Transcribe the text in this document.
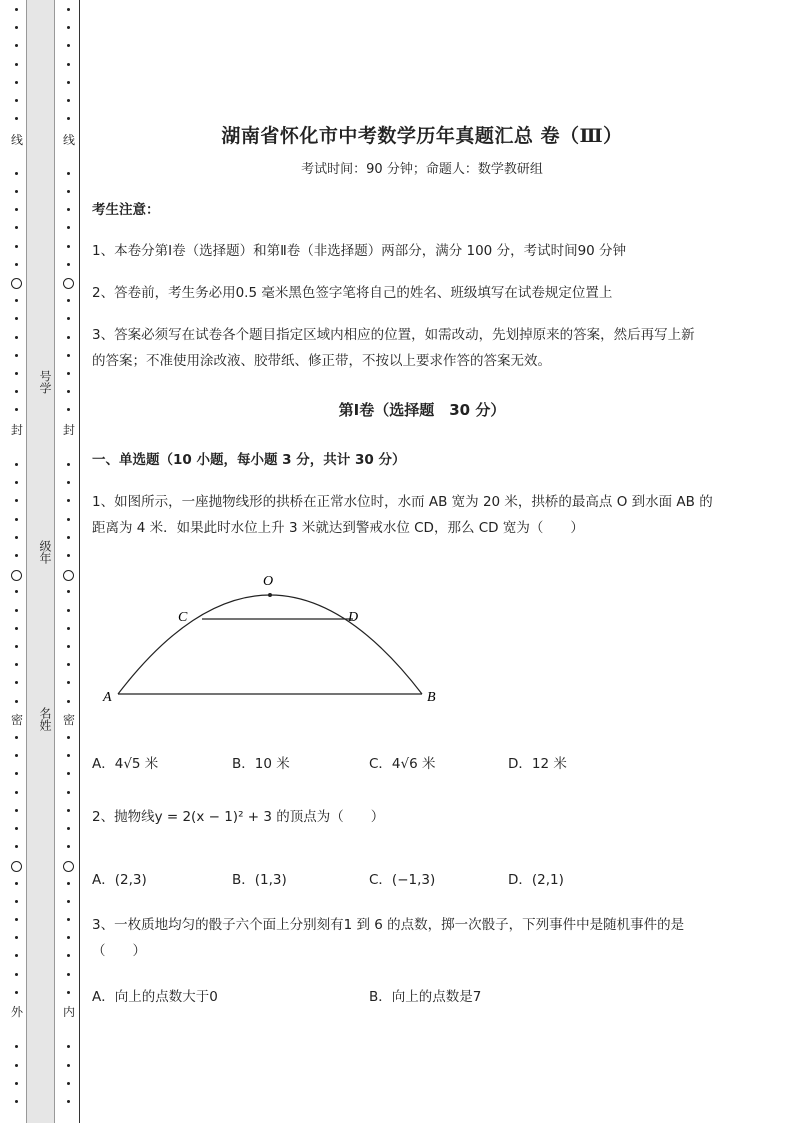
线
封
密
外
号学
级年
名姓
线
封
密
内
湖南省怀化市中考数学历年真题汇总 卷（Ⅲ）
考试时间：90 分钟；命题人：数学教研组
考生注意：
1、本卷分第Ⅰ卷（选择题）和第Ⅱ卷（非选择题）两部分，满分 100 分，考试时间90 分钟
2、答卷前，考生务必用0.5 毫米黑色签字笔将自己的姓名、班级填写在试卷规定位置上
3、答案必须写在试卷各个题目指定区域内相应的位置，如需改动，先划掉原来的答案，然后再写上新
的答案；不准使用涂改液、胶带纸、修正带，不按以上要求作答的答案无效。
第Ⅰ卷（选择题　30 分）
一、单选题（10 小题，每小题 3 分，共计 30 分）
1、如图所示，一座抛物线形的拱桥在正常水位时，水而 AB 宽为 20 米，拱桥的最高点 O 到水面 AB 的
距离为 4 米．如果此时水位上升 3 米就达到警戒水位 CD，那么 CD 宽为（　　）
O
C	D
A	B
A．4√5 米	B．10 米	C．4√6 米	D．12 米
2、抛物线y = 2(x − 1)² + 3 的顶点为（　　）
A．(2,3)	B．(1,3)	C．(−1,3)	D．(2,1)
3、一枚质地均匀的骰子六个面上分别刻有1 到 6 的点数，掷一次骰子，下列事件中是随机事件的是
（　　）
A．向上的点数大于0	B．向上的点数是7
